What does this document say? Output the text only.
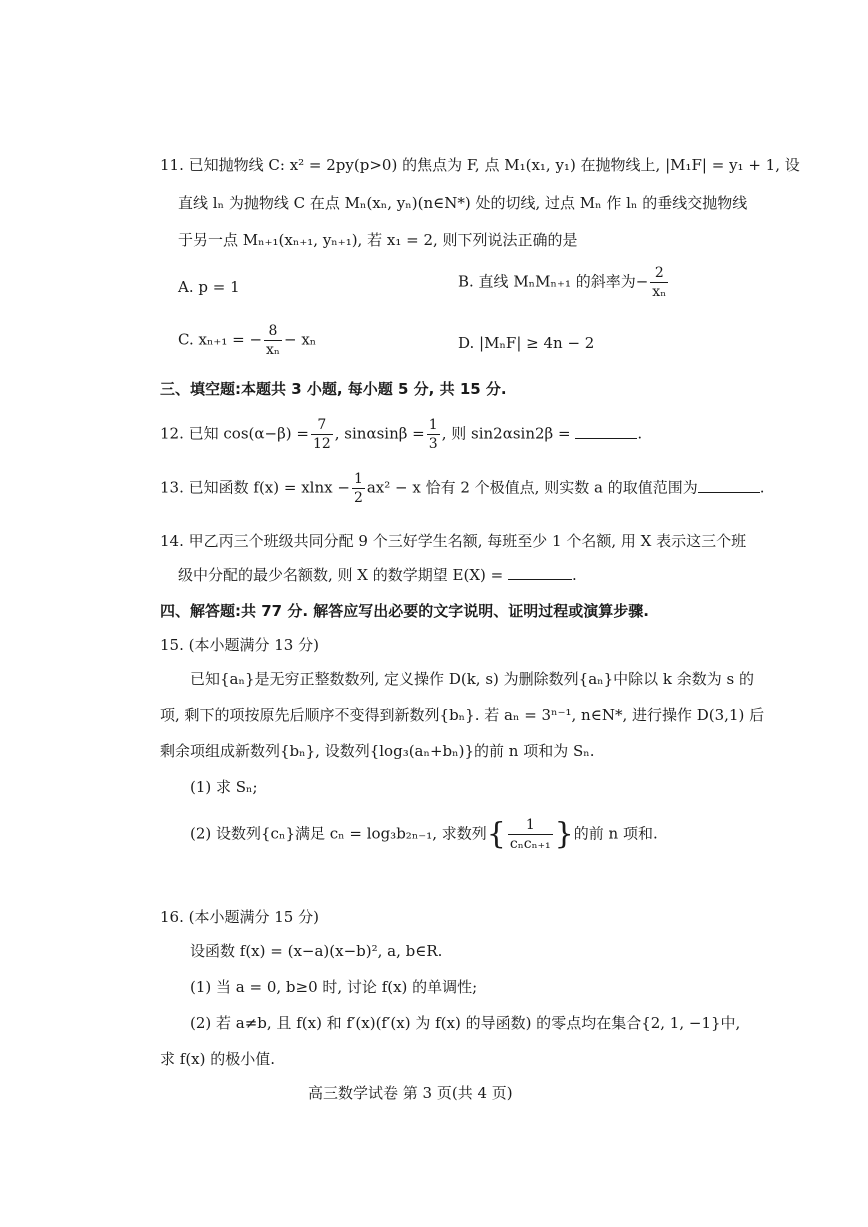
11. 已知抛物线 C: x² = 2py(p>0) 的焦点为 F, 点 M₁(x₁, y₁) 在抛物线上, |M₁F| = y₁ + 1, 设
直线 lₙ 为抛物线 C 在点 Mₙ(xₙ, yₙ)(n∈N*) 处的切线, 过点 Mₙ 作 lₙ 的垂线交抛物线
于另一点 Mₙ₊₁(xₙ₊₁, yₙ₊₁), 若 x₁ = 2, 则下列说法正确的是
A. p = 1	B. 直线 MₙMₙ₊₁ 的斜率为− $\frac{2}{\text{xₙ}}$
C. xₙ₊₁ = − $\frac{8}{\text{xₙ}} - x_n$	D. |MₙF| ≥ 4n − 2
三、填空题:本题共 3 小题, 每小题 5 分, 共 15 分.
12. 已知 $\cos(\alpha-\beta) = \frac{7}{12}$ , $\sin\alpha\sin\beta = \frac{1}{3}$ , 则 sin2αsin2β =	.
13. 已知函数 $f(x) = xlnx - \frac{1}{2} ax^2 - x$ 恰有 2 个极值点, 则实数 a 的取值范围为	.
14. 甲乙丙三个班级共同分配 9 个三好学生名额, 每班至少 1 个名额, 用 X 表示这三个班
级中分配的最少名额数, 则 X 的数学期望 E(X) =	.
四、解答题:共 77 分. 解答应写出必要的文字说明、证明过程或演算步骤.
15. (本小题满分 13 分)
已知{aₙ}是无穷正整数数列, 定义操作 D(k, s) 为删除数列{aₙ}中除以 k 余数为 s 的
项, 剩下的项按原先后顺序不变得到新数列{bₙ}. 若 aₙ = 3ⁿ⁻¹, n∈N*, 进行操作 D(3,1) 后
剩余项组成新数列{bₙ}, 设数列{log₃(aₙ+bₙ)}的前 n 项和为 Sₙ.
(1) 求 Sₙ;
(2) 设数列{cₙ}满足 cₙ = log₃b₂ₙ₋₁, 求数列{ $\frac{1}{\text{cₙcₙ₊₁}}$ }的前 n 项和.
16. (本小题满分 15 分)
设函数 f(x) = (x−a)(x−b)², a, b∈R.
(1) 当 a = 0, b≥0 时, 讨论 f(x) 的单调性;
(2) 若 a≠b, 且 f(x) 和 f′(x)(f′(x) 为 f(x) 的导函数) 的零点均在集合{2, 1, −1}中,
求 f(x) 的极小值.
高三数学试卷 第 3 页(共 4 页)
